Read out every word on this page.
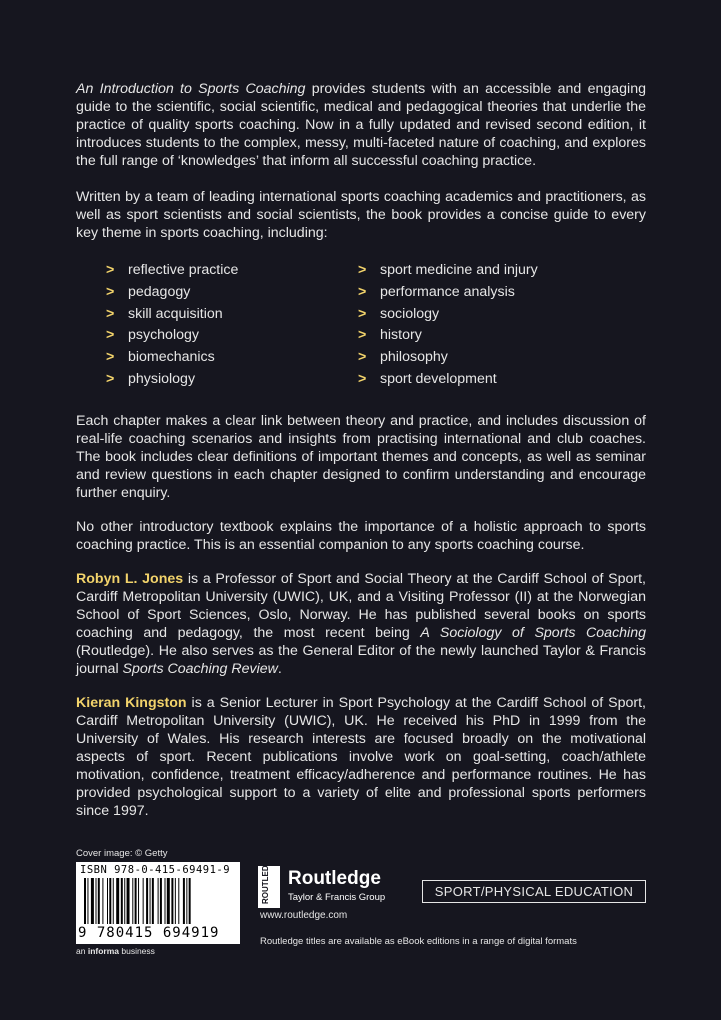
An Introduction to Sports Coaching provides students with an accessible and engaging guide to the scientific, social scientific, medical and pedagogical theories that underlie the practice of quality sports coaching. Now in a fully updated and revised second edition, it introduces students to the complex, messy, multi-faceted nature of coaching, and explores the full range of ‘knowledges’ that inform all successful coaching practice.

Written by a team of leading international sports coaching academics and practitioners, as well as sport scientists and social scientists, the book provides a concise guide to every key theme in sports coaching, including:

> reflective practice
> pedagogy
> skill acquisition
> psychology
> biomechanics
> physiology
> sport medicine and injury
> performance analysis
> sociology
> history
> philosophy
> sport development

Each chapter makes a clear link between theory and practice, and includes discussion of real-life coaching scenarios and insights from practising international and club coaches. The book includes clear definitions of important themes and concepts, as well as seminar and review questions in each chapter designed to confirm understanding and encourage further enquiry.

No other introductory textbook explains the importance of a holistic approach to sports coaching practice. This is an essential companion to any sports coaching course.

Robyn L. Jones is a Professor of Sport and Social Theory at the Cardiff School of Sport, Cardiff Metropolitan University (UWIC), UK, and a Visiting Professor (II) at the Norwegian School of Sport Sciences, Oslo, Norway. He has published several books on sports coaching and pedagogy, the most recent being A Sociology of Sports Coaching (Routledge). He also serves as the General Editor of the newly launched Taylor & Francis journal Sports Coaching Review.

Kieran Kingston is a Senior Lecturer in Sport Psychology at the Cardiff School of Sport, Cardiff Metropolitan University (UWIC), UK. He received his PhD in 1999 from the University of Wales. His research interests are focused broadly on the motivational aspects of sport. Recent publications involve work on goal-setting, coach/athlete motivation, confidence, treatment efficacy/adherence and performance routines. He has provided psychological support to a variety of elite and professional sports performers since 1997.

Cover image: © Getty
ISBN 978-0-415-69491-9
9 780415 694919
an informa business
ROUTLEDGE Routledge
Taylor & Francis Group
www.routledge.com
SPORT/PHYSICAL EDUCATION
Routledge titles are available as eBook editions in a range of digital formats
